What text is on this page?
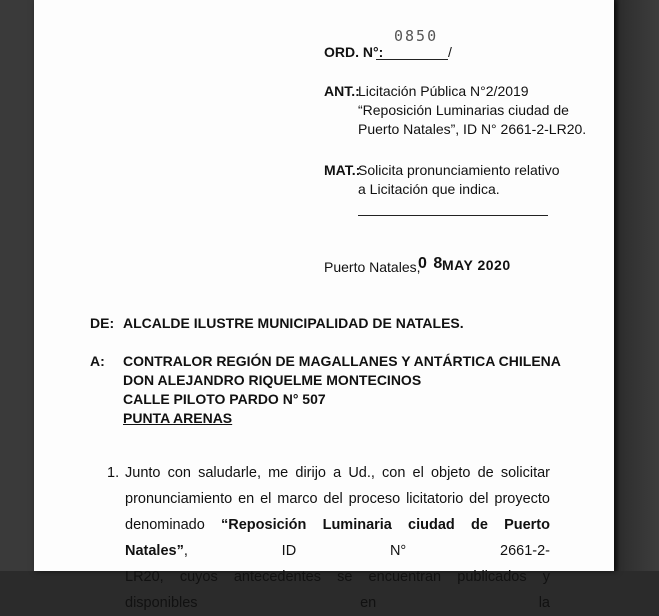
ORD. N°:
0850
/
ANT.:
Licitación Pública N°2/2019
“Reposición Luminarias ciudad de
Puerto Natales”, ID N° 2661-2-LR20.
MAT.:
Solicita pronunciamiento relativo
a Licitación que indica.
Puerto Natales,
0 8
MAY 2020
DE: ALCALDE ILUSTRE MUNICIPALIDAD DE NATALES.
A: CONTRALOR REGIÓN DE MAGALLANES Y ANTÁRTICA CHILENA
DON ALEJANDRO RIQUELME MONTECINOS
CALLE PILOTO PARDO N° 507
PUNTA ARENAS
1. Junto con saludarle, me dirijo a Ud., con el objeto de solicitar

pronunciamiento en el marco del proceso licitatorio del proyecto

denominado “Reposición Luminaria ciudad de Puerto Natales”, ID N° 2661-2-

LR20, cuyos antecedentes se encuentran publicados y disponibles en la
